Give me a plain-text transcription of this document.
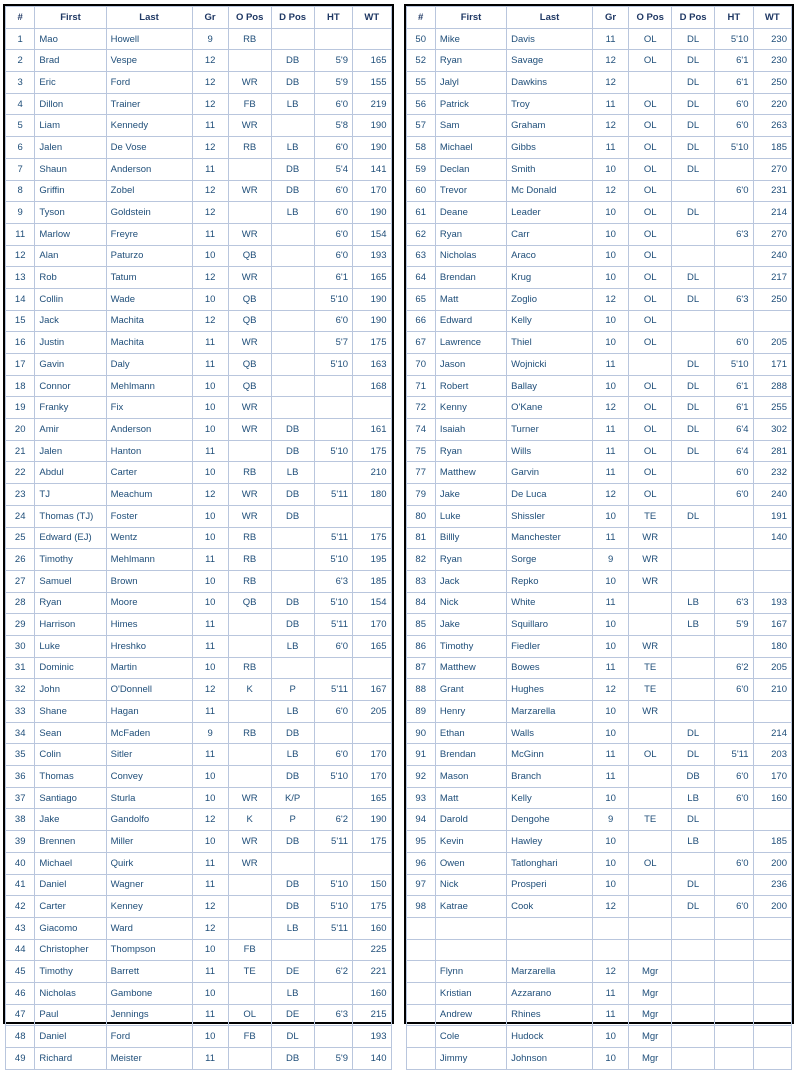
#	First	Last	Gr	O Pos	D Pos	HT	WT
1	Mao	Howell	9	RB			
2	Brad	Vespe	12		DB	5'9	165
3	Eric	Ford	12	WR	DB	5'9	155
4	Dillon	Trainer	12	FB	LB	6'0	219
5	Liam	Kennedy	11	WR		5'8	190
6	Jalen	De Vose	12	RB	LB	6'0	190
7	Shaun	Anderson	11		DB	5'4	141
8	Griffin	Zobel	12	WR	DB	6'0	170
9	Tyson	Goldstein	12		LB	6'0	190
11	Marlow	Freyre	11	WR		6'0	154
12	Alan	Paturzo	10	QB		6'0	193
13	Rob	Tatum	12	WR		6'1	165
14	Collin	Wade	10	QB		5'10	190
15	Jack	Machita	12	QB		6'0	190
16	Justin	Machita	11	WR		5'7	175
17	Gavin	Daly	11	QB		5'10	163
18	Connor	Mehlmann	10	QB			168
19	Franky	Fix	10	WR			
20	Amir	Anderson	10	WR	DB		161
21	Jalen	Hanton	11		DB	5'10	175
22	Abdul	Carter	10	RB	LB		210
23	TJ	Meachum	12	WR	DB	5'11	180
24	Thomas (TJ)	Foster	10	WR	DB		
25	Edward (EJ)	Wentz	10	RB		5'11	175
26	Timothy	Mehlmann	11	RB		5'10	195
27	Samuel	Brown	10	RB		6'3	185
28	Ryan	Moore	10	QB	DB	5'10	154
29	Harrison	Himes	11		DB	5'11	170
30	Luke	Hreshko	11		LB	6'0	165
31	Dominic	Martin	10	RB			
32	John	O'Donnell	12	K	P	5'11	167
33	Shane	Hagan	11		LB	6'0	205
34	Sean	McFaden	9	RB	DB		
35	Colin	Sitler	11		LB	6'0	170
36	Thomas	Convey	10		DB	5'10	170
37	Santiago	Sturla	10	WR	K/P		165
38	Jake	Gandolfo	12	K	P	6'2	190
39	Brennen	Miller	10	WR	DB	5'11	175
40	Michael	Quirk	11	WR			
41	Daniel	Wagner	11		DB	5'10	150
42	Carter	Kenney	12		DB	5'10	175
43	Giacomo	Ward	12		LB	5'11	160
44	Christopher	Thompson	10	FB			225
45	Timothy	Barrett	11	TE	DE	6'2	221
46	Nicholas	Gambone	10		LB		160
47	Paul	Jennings	11	OL	DE	6'3	215
48	Daniel	Ford	10	FB	DL		193
49	Richard	Meister	11		DB	5'9	140
#	First	Last	Gr	O Pos	D Pos	HT	WT
50	Mike	Davis	11	OL	DL	5'10	230
52	Ryan	Savage	12	OL	DL	6'1	230
55	Jalyl	Dawkins	12		DL	6'1	250
56	Patrick	Troy	11	OL	DL	6'0	220
57	Sam	Graham	12	OL	DL	6'0	263
58	Michael	Gibbs	11	OL	DL	5'10	185
59	Declan	Smith	10	OL	DL		270
60	Trevor	Mc Donald	12	OL		6'0	231
61	Deane	Leader	10	OL	DL		214
62	Ryan	Carr	10	OL		6'3	270
63	Nicholas	Araco	10	OL			240
64	Brendan	Krug	10	OL	DL		217
65	Matt	Zoglio	12	OL	DL	6'3	250
66	Edward	Kelly	10	OL			
67	Lawrence	Thiel	10	OL		6'0	205
70	Jason	Wojnicki	11		DL	5'10	171
71	Robert	Ballay	10	OL	DL	6'1	288
72	Kenny	O'Kane	12	OL	DL	6'1	255
74	Isaiah	Turner	11	OL	DL	6'4	302
75	Ryan	Wills	11	OL	DL	6'4	281
77	Matthew	Garvin	11	OL		6'0	232
79	Jake	De Luca	12	OL		6'0	240
80	Luke	Shissler	10	TE	DL		191
81	Billly	Manchester	11	WR			140
82	Ryan	Sorge	9	WR			
83	Jack	Repko	10	WR			
84	Nick	White	11		LB	6'3	193
85	Jake	Squillaro	10		LB	5'9	167
86	Timothy	Fiedler	10	WR			180
87	Matthew	Bowes	11	TE		6'2	205
88	Grant	Hughes	12	TE		6'0	210
89	Henry	Marzarella	10	WR			
90	Ethan	Walls	10		DL		214
91	Brendan	McGinn	11	OL	DL	5'11	203
92	Mason	Branch	11		DB	6'0	170
93	Matt	Kelly	10		LB	6'0	160
94	Darold	Dengohe	9	TE	DL		
95	Kevin	Hawley	10		LB		185
96	Owen	Tatlonghari	10	OL		6'0	200
97	Nick	Prosperi	10		DL		236
98	Katrae	Cook	12		DL	6'0	200

	Flynn	Marzarella	12	Mgr			
	Kristian	Azzarano	11	Mgr			
	Andrew	Rhines	11	Mgr			
	Cole	Hudock	10	Mgr			
	Jimmy	Johnson	10	Mgr			
